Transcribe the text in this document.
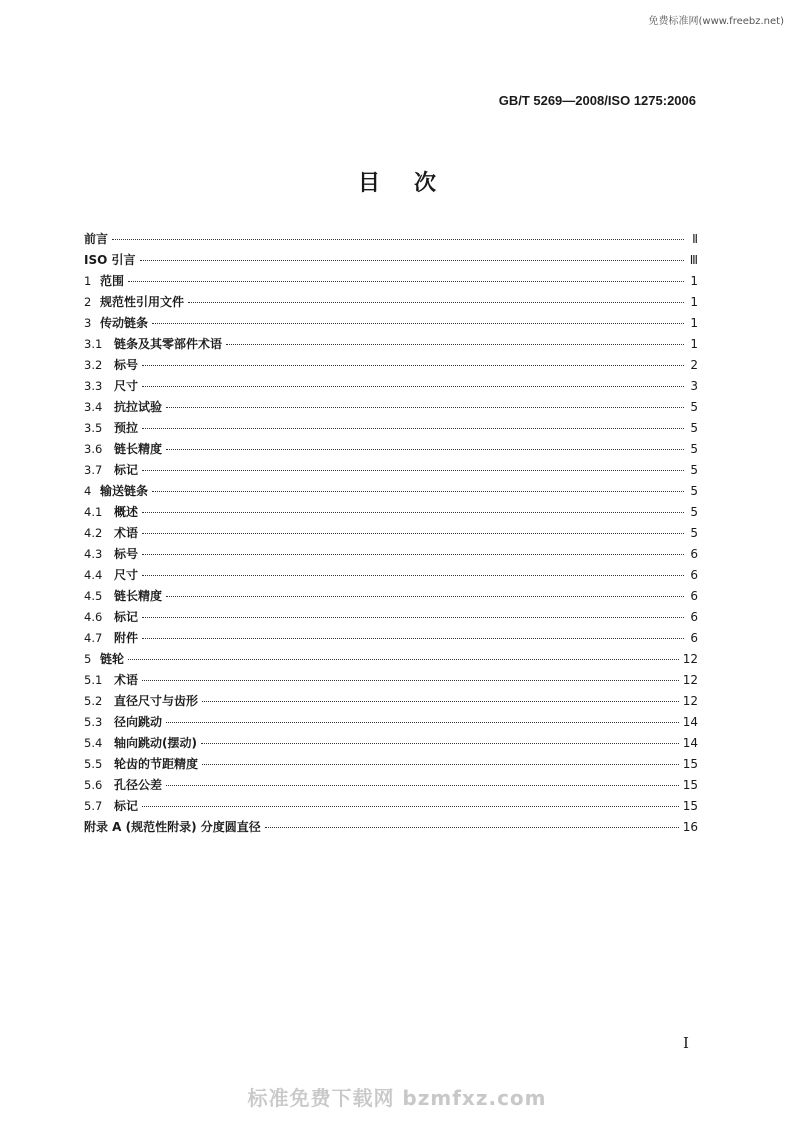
免费标准网(www.freebz.net)
GB/T 5269—2008/ISO 1275:2006
目次
前言	Ⅱ
ISO 引言	Ⅲ
1 范围	1
2 规范性引用文件	1
3 传动链条	1
3.1 链条及其零部件术语	1
3.2 标号	2
3.3 尺寸	3
3.4 抗拉试验	5
3.5 预拉	5
3.6 链长精度	5
3.7 标记	5
4 输送链条	5
4.1 概述	5
4.2 术语	5
4.3 标号	6
4.4 尺寸	6
4.5 链长精度	6
4.6 标记	6
4.7 附件	6
5 链轮	12
5.1 术语	12
5.2 直径尺寸与齿形	12
5.3 径向跳动	14
5.4 轴向跳动(摆动)	14
5.5 轮齿的节距精度	15
5.6 孔径公差	15
5.7 标记	15
附录 A (规范性附录) 分度圆直径	16
I
标准免费下载网 bzmfxz.com
